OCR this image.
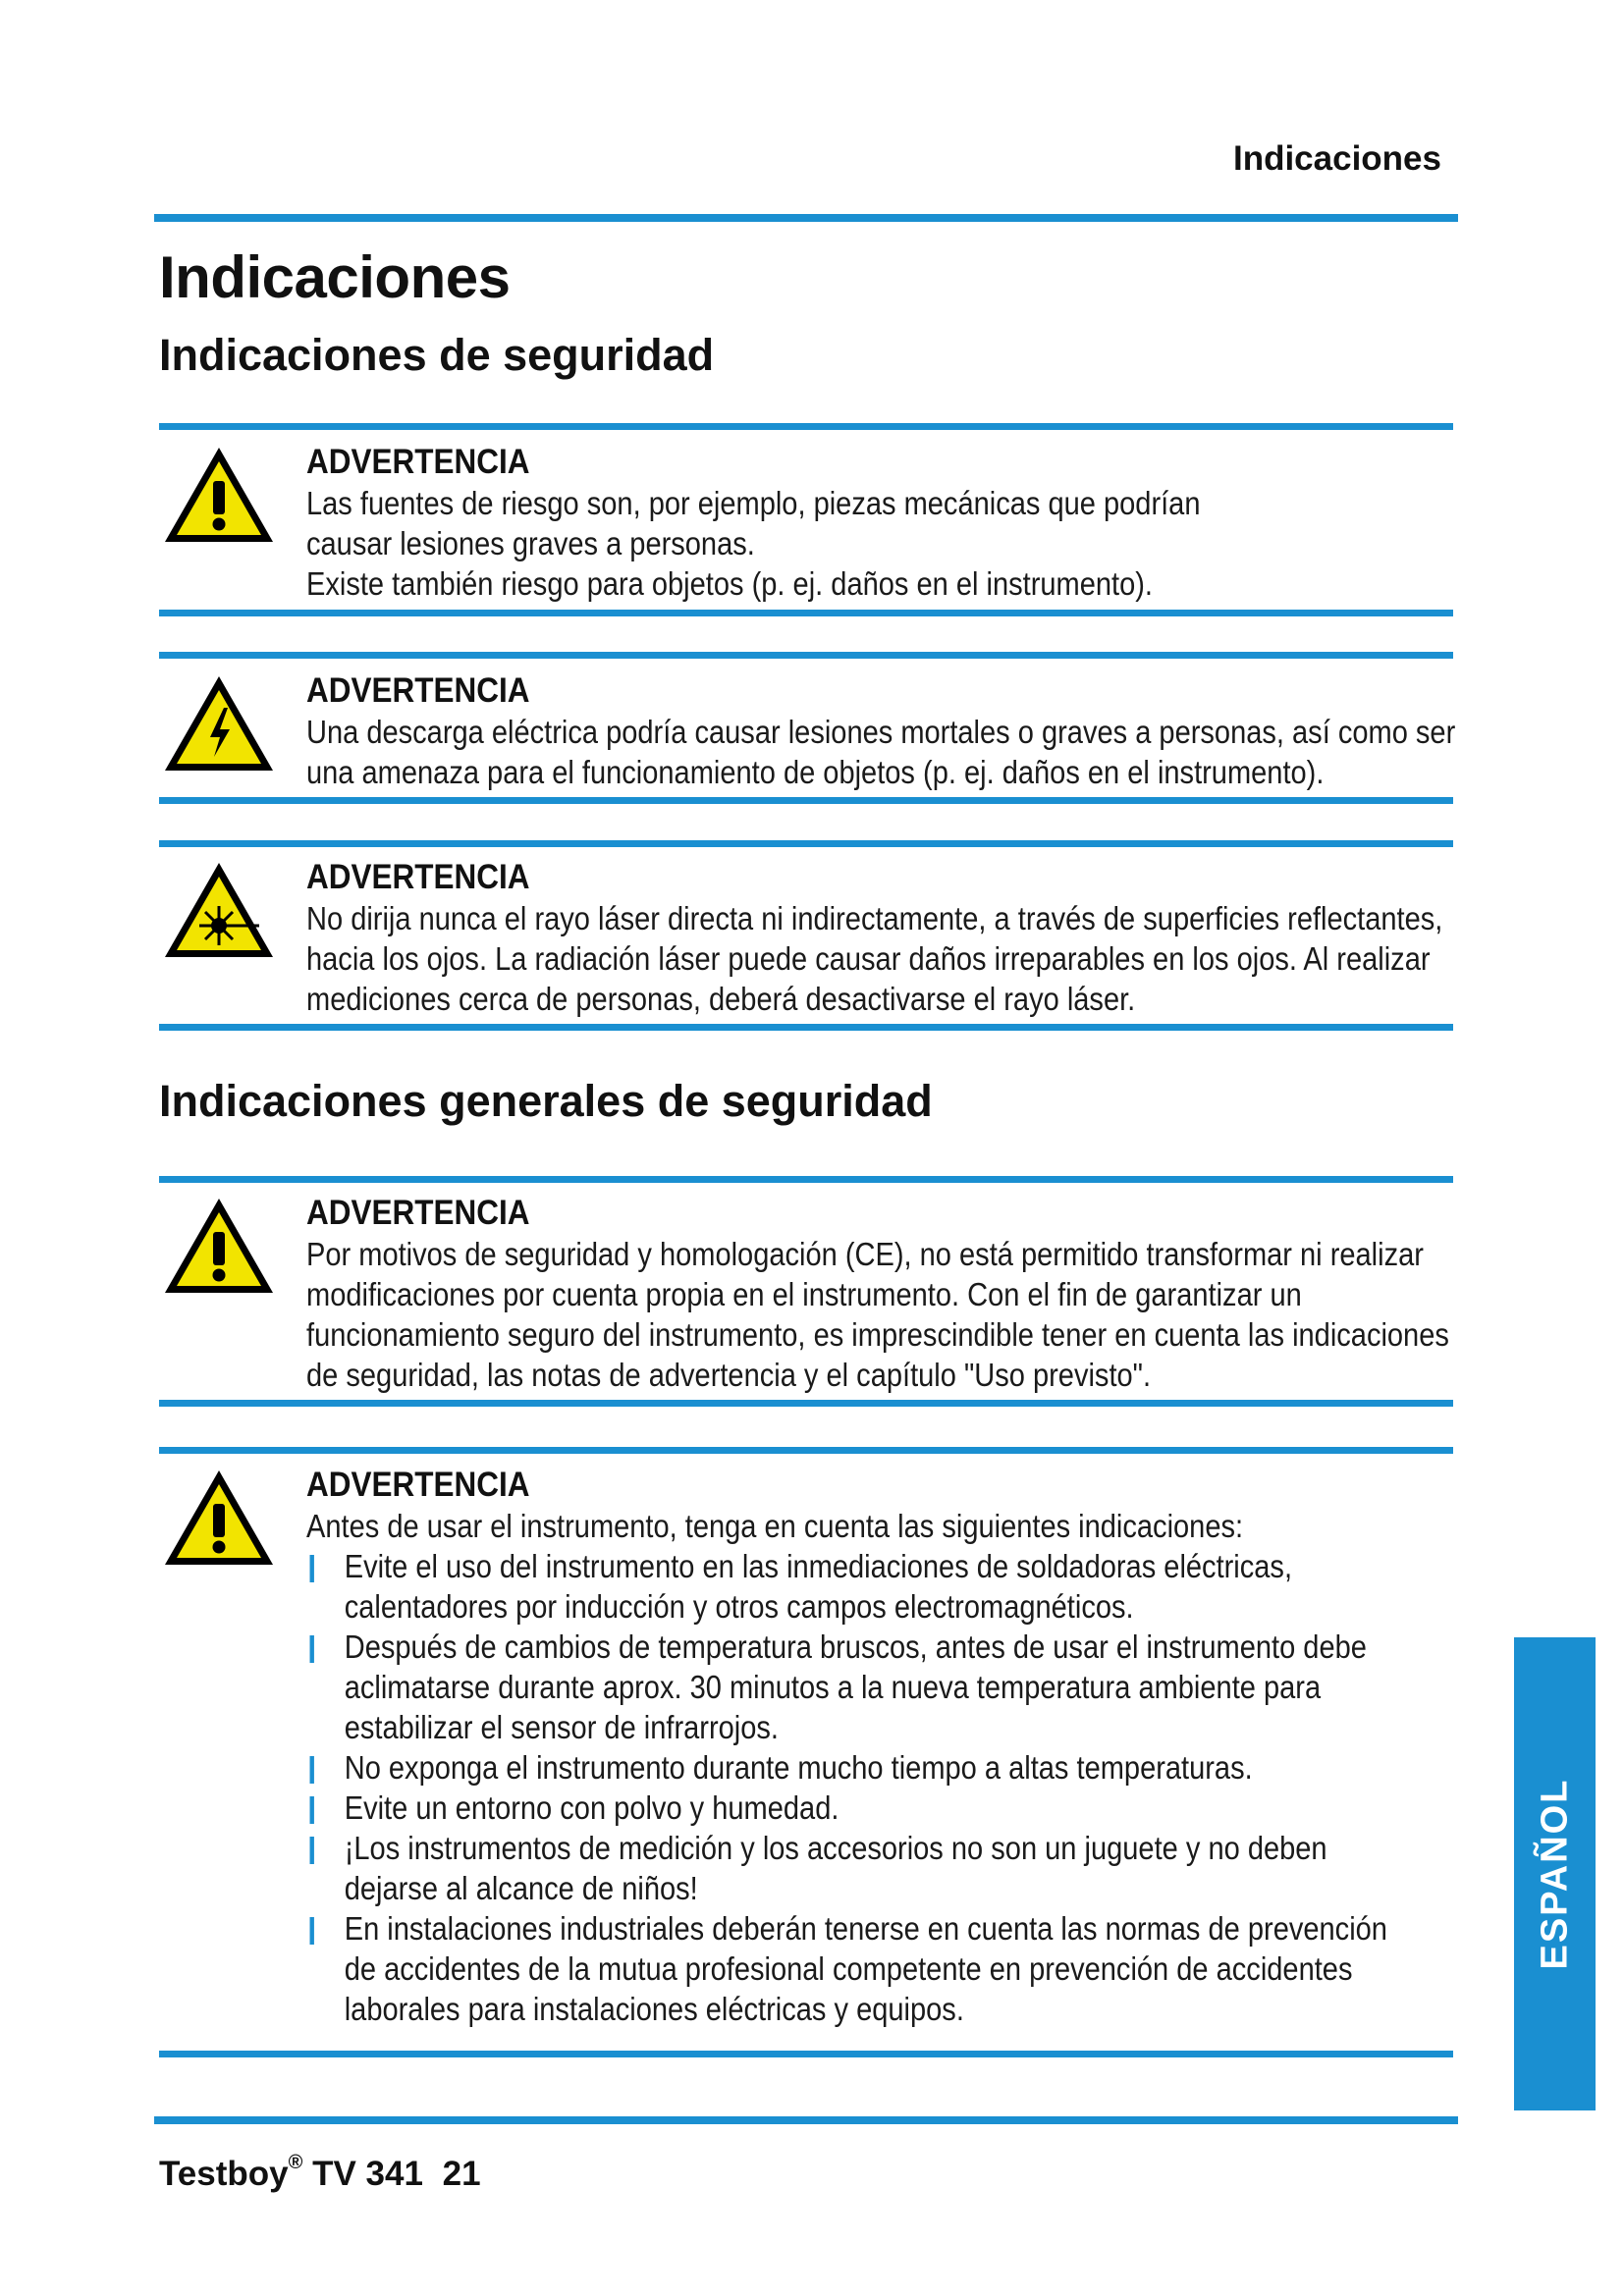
Indicaciones
Indicaciones
Indicaciones de seguridad
ADVERTENCIA

Las fuentes de riesgo son, por ejemplo, piezas mecánicas que podrían causar lesiones graves a personas.

Existe también riesgo para objetos (p. ej. daños en el instrumento).

ADVERTENCIA

Una descarga eléctrica podría causar lesiones mortales o graves a personas, así como ser una amenaza para el funcionamiento de objetos (p. ej. daños en el instrumento).

ADVERTENCIA

No dirija nunca el rayo láser directa ni indirectamente, a través de superficies reflectantes, hacia los ojos. La radiación láser puede causar daños irreparables en los ojos. Al realizar mediciones cerca de personas, deberá desactivarse el rayo láser.

Indicaciones generales de seguridad
ADVERTENCIA

Por motivos de seguridad y homologación (CE), no está permitido transformar ni realizar modificaciones por cuenta propia en el instrumento. Con el fin de garantizar un funcionamiento seguro del instrumento, es imprescindible tener en cuenta las indicaciones de seguridad, las notas de advertencia y el capítulo "Uso previsto".

ADVERTENCIA

Antes de usar el instrumento, tenga en cuenta las siguientes indicaciones:

Evite el uso del instrumento en las inmediaciones de soldadoras eléctricas, calentadores por inducción y otros campos electromagnéticos.
Después de cambios de temperatura bruscos, antes de usar el instrumento debe aclimatarse durante aprox. 30 minutos a la nueva temperatura ambiente para estabilizar el sensor de infrarrojos.
No exponga el instrumento durante mucho tiempo a altas temperaturas.
Evite un entorno con polvo y humedad.
¡Los instrumentos de medición y los accesorios no son un juguete y no deben dejarse al alcance de niños!
En instalaciones industriales deberán tenerse en cuenta las normas de prevención de accidentes de la mutua profesional competente en prevención de accidentes laborales para instalaciones eléctricas y equipos.
ESPAÑOL
Testboy® TV 341 21
